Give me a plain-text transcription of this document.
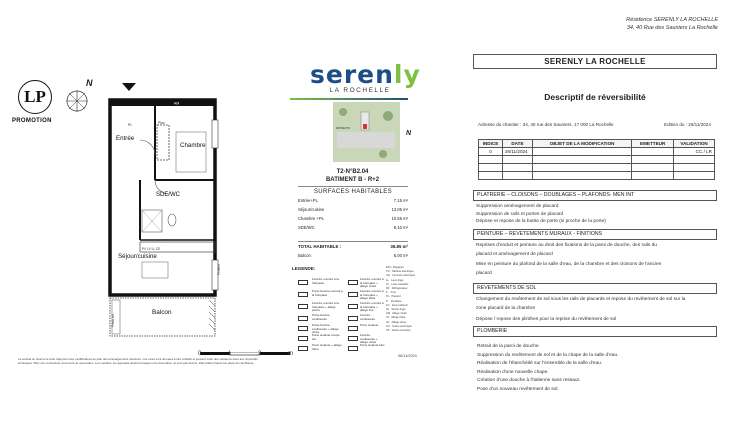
Résidence SERENLY LA ROCHELLE
34, 40 Rue des Sauniers La Rochelle
LP
PROMOTION
N	serenly
LA ROCHELLE
Entrée
Chambre
SDE/WC
Séjour/cuisine
Balcon
Plac
PL
AM
PV LV LL CE
Pieds sol
Fenêtre
0	1	2	m
BATIMENT B
N
T2-N°B2.04
BATIMENT B - R+2
SURFACES HABITABLES
Entrée+PL	7.15 m²
Séjour/cuisine	13.05 m²
Chambre +PL	10.55 m²
SDE/WC	6.10 m²
TOTAL HABITABLE :	36.85 m²
Balcon	5.00 m²
LEGENDE:
Fenêtre ouvrant à la française
Fenêtre ouvrant à la française + allège vitrée
Porte-fenêtre ouvrant à la française
Fenêtre ouvrant à la française + allège tôlée
Fenêtre ouvrant à la française + allège pleine
Fenêtre ouvrant à la française + allège fixe
Porte-fenêtre coulissante
Fenêtre coulissante
Porte-fenêtre coulissante + allège vitrée
Porte isolante
Porte isolante coupe-feu
Fenêtre coulissante + allège vitrée
Porte isolante + allège tôlée
Porte isolante bloc
ETG  Étagères
TD   Tableau électrique
CE   Cumulus électrique
LL   Lave-linge
LV   Lave-vaisselle
RF   Réfrigérateur
F    Four
PL   Placard
P    Penderie
FC   Faux plafond
SL   Sèche-linge
AM   Allège vitrée
AT   Allège tôlée
AV   Allège vitrée
GC   Gaine technique
SF   Sèche-serviette
06/11/2024
La société se réserve le droit d'apporter des modifications au plan des aménagements intérieurs. Les cotes sont données à titre indicatif et peuvent subir des variations dues aux impératifs techniques. Plan non contractuel, document de réservation. Les meubles, les appareils électroménagers et la décoration ne sont pas fournis. Plan établi d'après les plans de l'architecte.
SERENLY LA ROCHELLE
Descriptif de réversibilité
Adresse du chantier : 34, 40 rue des Sauniers, 17 000 La Rochelle	Edition du : 26/11/2024
INDICE	DATE	OBJET DE LA MODIFICATION	EMETTEUR	VALIDATION
0	26/11/2024			CC / LR

PLATRERIE – CLOISONS – DOUBLAGES – PLAFONDS- MEN INT

Suppression aménagement de placard

Suppression de rails et portes de placard

Dépose et repose de la butée de porte (si proche de la porte)

PEINTURE – REVETEMENTS MURAUX - FINITIONS

Reprises d'enduit et peinture au droit des fixations de la paroi de douche, des rails du

placard et aménagement de placard

Mise en peinture du plafond de la salle d'eau, de la chambre et des cloisons de l'ancien

placard

REVETEMENTS DE SOL

Changement du revêtement de sol sous les rails de placards et repose du revêtement de sol sur la

zone placard de la chambre

Dépose / repose des plinthes pour la reprise du revêtement de sol

PLOMBERIE

Retrait de la paroi de douche.

Suppression du revêtement de sol et de la chape de la salle d'eau.

Réalisation de l'étanchéité sur l'ensemble de la salle d'eau.

Réalisation d'une nouvelle chape.

Création d'une douche à l'italienne sans ressaut.

Pose d'un nouveau revêtement de sol.
